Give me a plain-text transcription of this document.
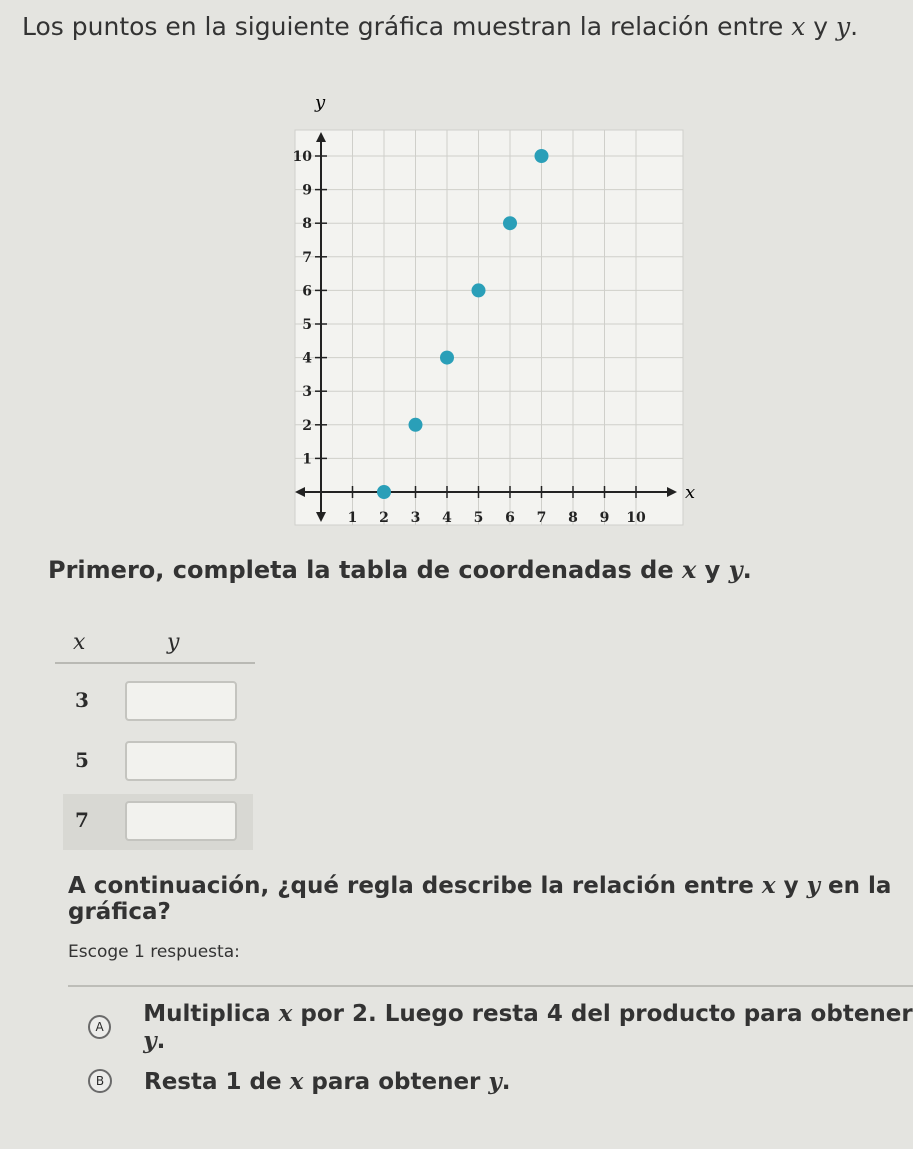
Los puntos en la siguiente gráfica muestran la relación entre x y y.
1 2 3 4 5 6 7 8 9 10
1
2
3
4
5
6
7
8
9
10
x
y
Primero, completa la tabla de coordenadas de x y y.
x	y
3
5
7
A continuación, ¿qué regla describe la relación entre x y y en la gráfica?
Escoge 1 respuesta:
A	Multiplica x por 2. Luego resta 4 del producto para obtener y.
B	Resta 1 de x para obtener y.
